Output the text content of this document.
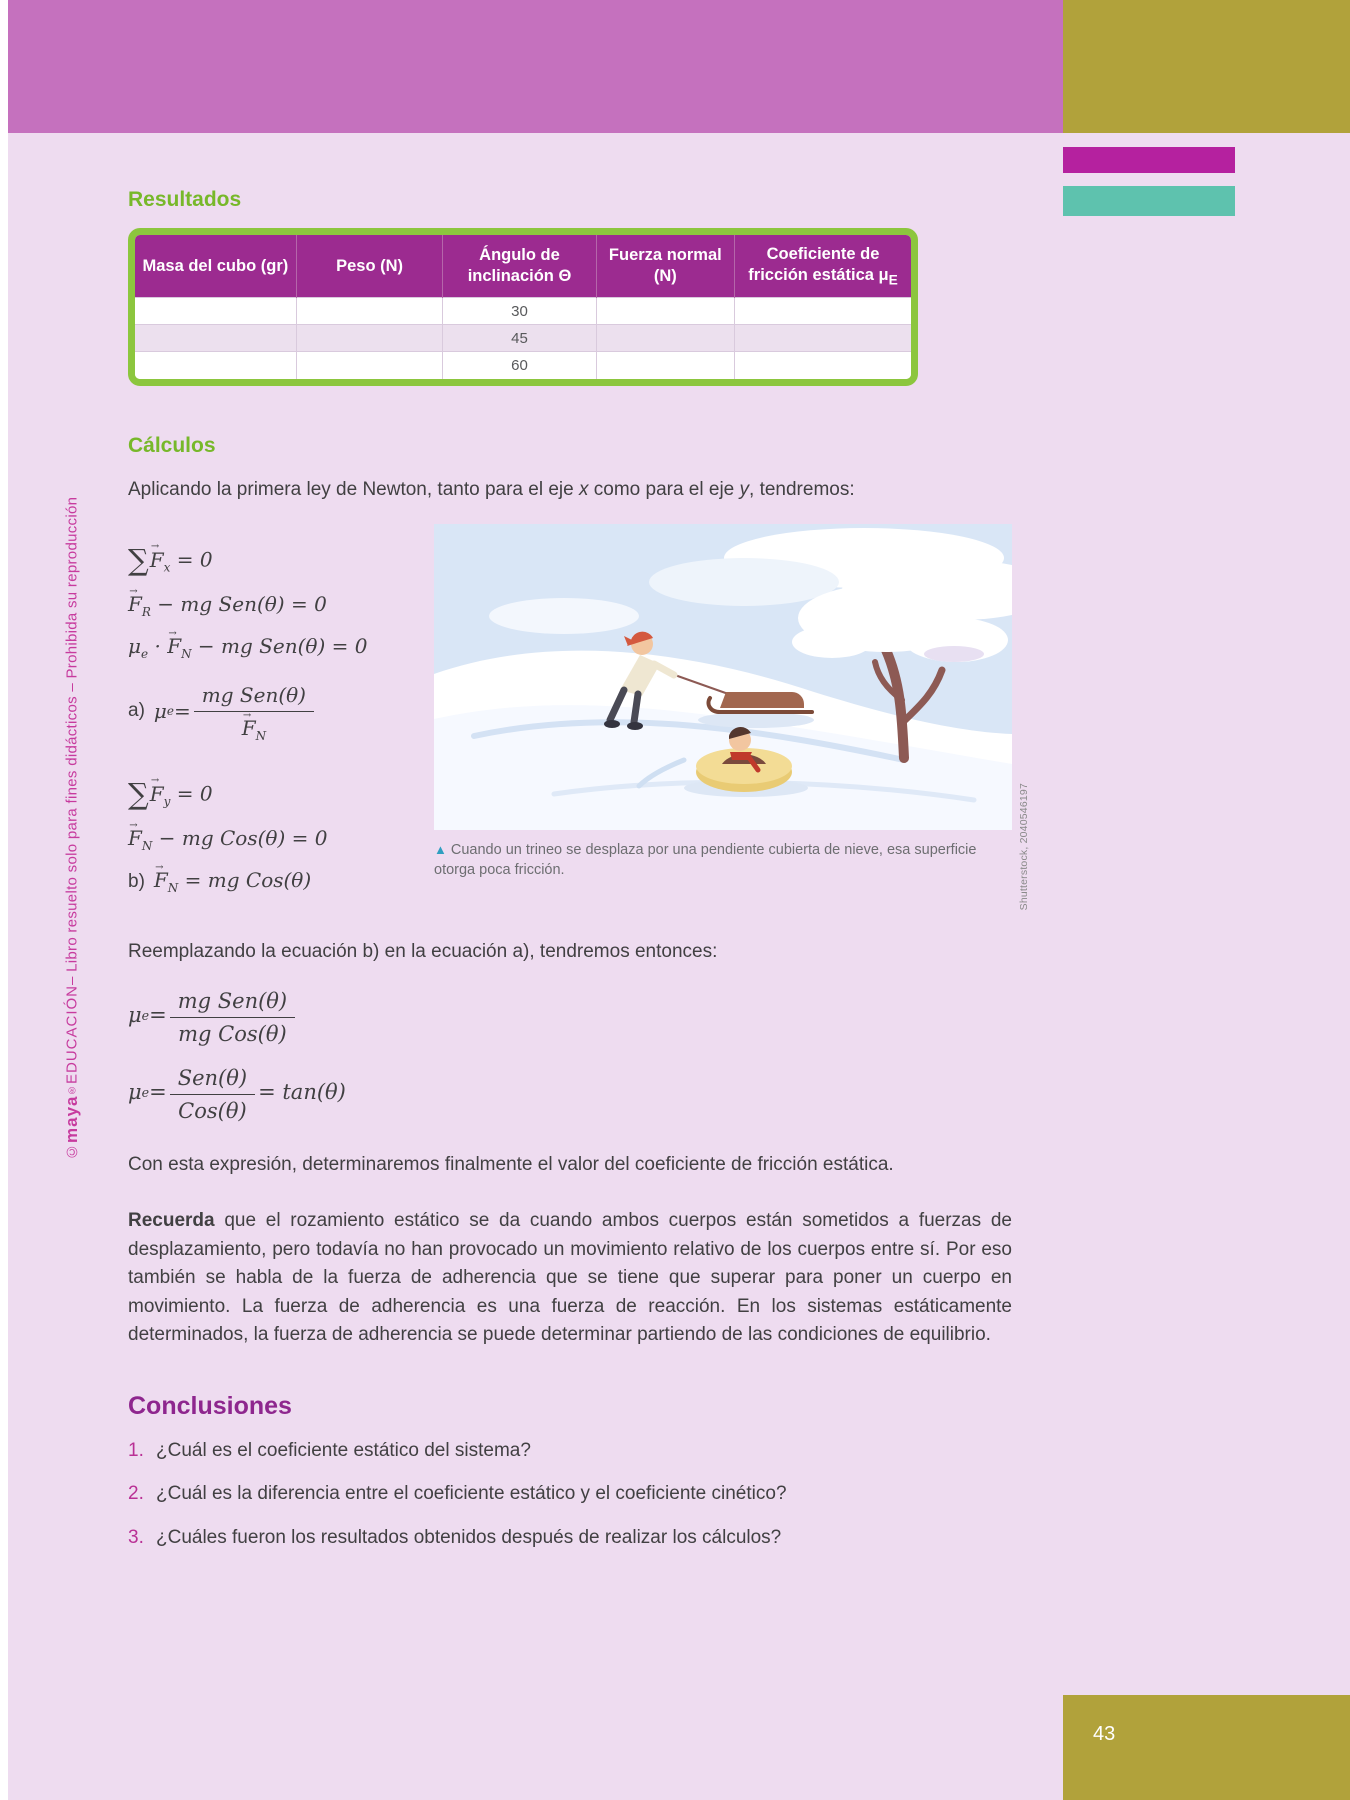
43
©
maya
®
EDUCACIÓN
– Libro resuelto solo para fines didácticos – Prohibida su reproducción
Resultados
Masa del cubo (gr)	Peso (N)	Ángulo de inclinación Θ	Fuerza normal (N)	Coeficiente de fricción estática $\mu_E$
		30		
		45		
		60		
Cálculos

Aplicando la primera ley de Newton, tanto para el eje x como para el eje y, tendremos:

$\sum F \to_x = 0$
$F \to_R$ − mg Sen(θ) = 0
$\mu_e \cdot F \to_N$ − mg Sen(θ) = 0
a) μ $e = \frac{\text{mg Sen(θ)}}{F \to_N}$
$\sum F \to_y = 0$
$F \to_N$ − mg Cos(θ) = 0
b) $F \to_N$ = mg Cos(θ)	Shutterstock, 2040546197

▲ Cuando un trineo se desplaza por una pendiente cubierta de nieve, esa superficie otorga poca fricción.

Reemplazando la ecuación b) en la ecuación a), tendremos entonces:

μ $e = \frac{\text{mg Sen(θ)}}{\text{mg Cos(θ)}}$
μ $e = \frac{\text{Sen(θ)}}{\text{Cos(θ)}} = \tan(\theta)$

Con esta expresión, determinaremos finalmente el valor del coeficiente de fricción estática.

Recuerda que el rozamiento estático se da cuando ambos cuerpos están sometidos a fuerzas de desplazamiento, pero todavía no han provocado un movimiento relativo de los cuerpos entre sí. Por eso también se habla de la fuerza de adherencia que se tiene que superar para poner un cuerpo en movimiento. La fuerza de adherencia es una fuerza de reacción. En los sistemas estáticamente determinados, la fuerza de adherencia se puede determinar partiendo de las condiciones de equilibrio.

Conclusiones
1. ¿Cuál es el coeficiente estático del sistema?
2. ¿Cuál es la diferencia entre el coeficiente estático y el coeficiente cinético?
3. ¿Cuáles fueron los resultados obtenidos después de realizar los cálculos?
